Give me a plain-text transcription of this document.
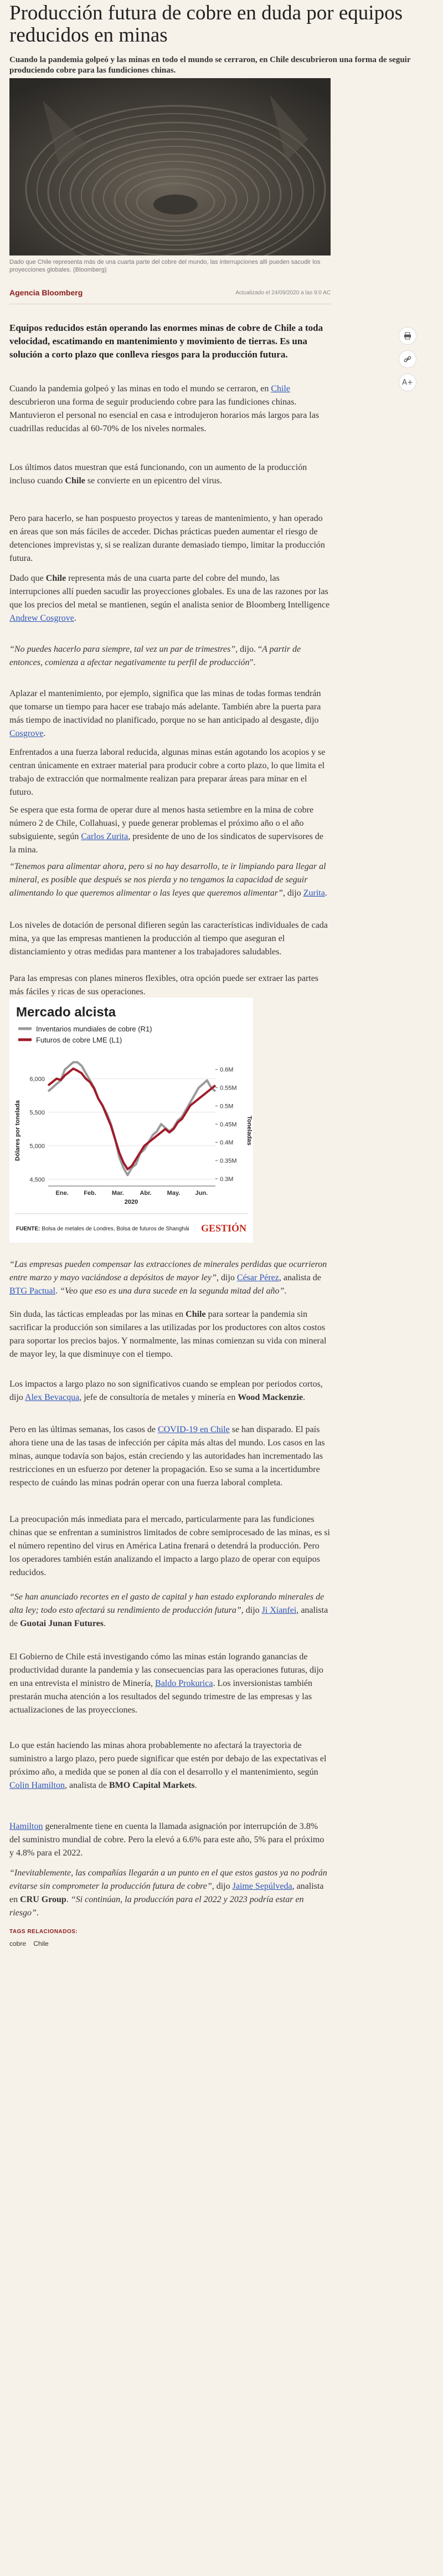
Producción futura de cobre en duda por equipos reducidos en minas
Cuando la pandemia golpeó y las minas en todo el mundo se cerraron, en Chile descubrieron una forma de seguir produciendo cobre para las fundiciones chinas.
Dado que Chile representa más de una cuarta parte del cobre del mundo, las interrupciones allí pueden sacudir los proyecciones globales. (Bloomberg)
Agencia Bloomberg	Actualizado el 24/09/2020 a las 9:0 AC
A+

Equipos reducidos están operando las enormes minas de cobre de Chile a toda velocidad, escatimando en mantenimiento y movimiento de tierras. Es una solución a corto plazo que conlleva riesgos para la producción futura.

Cuando la pandemia golpeó y las minas en todo el mundo se cerraron, en Chile descubrieron una forma de seguir produciendo cobre para las fundiciones chinas. Mantuvieron el personal no esencial en casa e introdujeron horarios más largos para las cuadrillas reducidas al 60-70% de los niveles normales.

Los últimos datos muestran que está funcionando, con un aumento de la producción incluso cuando Chile se convierte en un epicentro del virus.

Pero para hacerlo, se han pospuesto proyectos y tareas de mantenimiento, y han operado en áreas que son más fáciles de acceder. Dichas prácticas pueden aumentar el riesgo de detenciones imprevistas y, si se realizan durante demasiado tiempo, limitar la producción futura.

Dado que Chile representa más de una cuarta parte del cobre del mundo, las interrupciones allí pueden sacudir las proyecciones globales. Es una de las razones por las que los precios del metal se mantienen, según el analista senior de Bloomberg Intelligence Andrew Cosgrove.

“No puedes hacerlo para siempre, tal vez un par de trimestres”, dijo. “A partir de entonces, comienza a afectar negativamente tu perfil de producción”.

Aplazar el mantenimiento, por ejemplo, significa que las minas de todas formas tendrán que tomarse un tiempo para hacer ese trabajo más adelante. También abre la puerta para más tiempo de inactividad no planificado, porque no se han anticipado al desgaste, dijo Cosgrove.

Enfrentados a una fuerza laboral reducida, algunas minas están agotando los acopios y se centran únicamente en extraer material para producir cobre a corto plazo, lo que limita el trabajo de extracción que normalmente realizan para preparar áreas para minar en el futuro.

Se espera que esta forma de operar dure al menos hasta setiembre en la mina de cobre número 2 de Chile, Collahuasi, y puede generar problemas el próximo año o el año subsiguiente, según Carlos Zurita, presidente de uno de los sindicatos de supervisores de la mina.

“Las empresas pueden compensar las extracciones de minerales perdidas que ocurrieron entre marzo y mayo vaciándose a depósitos de mayor ley”, dijo César Pérez, analista de BTG Pactual. “Veo que eso es una dura sucede en la segunda mitad del año”.

Mercado alcista
Inventarios mundiales de cobre (R1)
Futuros de cobre LME (L1)
6,000
5,500
5,000
4,500
0.6M
0.55M
0.5M
0.45M
0.4M
0.35M
0.3M
Ene. Feb.	Mar.	Abr.	May. Jun.
Dólares por tonelada	Toneladas
2020
FUENTE: Bolsa de metales de Londres, Bolsa de futuros de Shanghái GESTIÓN

Sin duda, las tácticas empleadas por las minas en Chile para sortear la pandemia sin sacrificar la producción son similares a las utilizadas por los productores con altos costos para soportar los precios bajos. Y normalmente, las minas comienzan su vida con mineral de mayor ley, la que disminuye con el tiempo.

Los impactos a largo plazo no son significativos cuando se emplean por periodos cortos, dijo Alex Bevacqua, jefe de consultoría de metales y minería en Wood Mackenzie.

Pero en las últimas semanas, los casos de COVID-19 en Chile se han disparado. El país ahora tiene una de las tasas de infección per cápita más altas del mundo. Los casos en las minas, aunque todavía son bajos, están creciendo y las autoridades han incrementado las restricciones en un esfuerzo por detener la propagación. Eso se suma a la incertidumbre respecto de cuándo las minas podrán operar con una fuerza laboral completa.

La preocupación más inmediata para el mercado, particularmente para las fundiciones chinas que se enfrentan a suministros limitados de cobre semiprocesado de las minas, es si el número repentino del virus en América Latina frenará o detendrá la producción. Pero los operadores también están analizando el impacto a largo plazo de operar con equipos reducidos.

“Se han anunciado recortes en el gasto de capital y han estado explorando minerales de alta ley; todo esto afectará su rendimiento de producción futura”, dijo Ji Xianfei, analista de Guotai Junan Futures.

El Gobierno de Chile está investigando cómo las minas están logrando ganancias de productividad durante la pandemia y las consecuencias para las operaciones futuras, dijo en una entrevista el ministro de Minería, Baldo Prokurica. Los inversionistas también prestarán mucha atención a los resultados del segundo trimestre de las empresas y las actualizaciones de las proyecciones.

Lo que están haciendo las minas ahora probablemente no afectará la trayectoria de suministro a largo plazo, pero puede significar que estén por debajo de las expectativas el próximo año, a medida que se ponen al día con el desarrollo y el mantenimiento, según Colin Hamilton, analista de BMO Capital Markets.

Hamilton generalmente tiene en cuenta la llamada asignación por interrupción de 3.8% del suministro mundial de cobre. Pero la elevó a 6.6% para este año, 5% para el próximo y 4.8% para el 2022.

“Inevitablemente, las compañías llegarán a un punto en el que estos gastos ya no podrán evitarse sin comprometer la producción futura de cobre”, dijo Jaime Sepúlveda, analista en CRU Group. “Si continúan, la producción para el 2022 y 2023 podría estar en riesgo”.

TAGS RELACIONADOS:
cobre Chile

“Tenemos para alimentar ahora, pero si no hay desarrollo, te ir limpiando para llegar al mineral, es posible que después se nos pierda y no tengamos la capacidad de seguir alimentando lo que queremos alimentar o las leyes que queremos alimentar”, dijo Zurita.

Los niveles de dotación de personal difieren según las características individuales de cada mina, ya que las empresas mantienen la producción al tiempo que aseguran el distanciamiento y otras medidas para mantener a los trabajadores saludables.

Para las empresas con planes mineros flexibles, otra opción puede ser extraer las partes más fáciles y ricas de sus operaciones.
